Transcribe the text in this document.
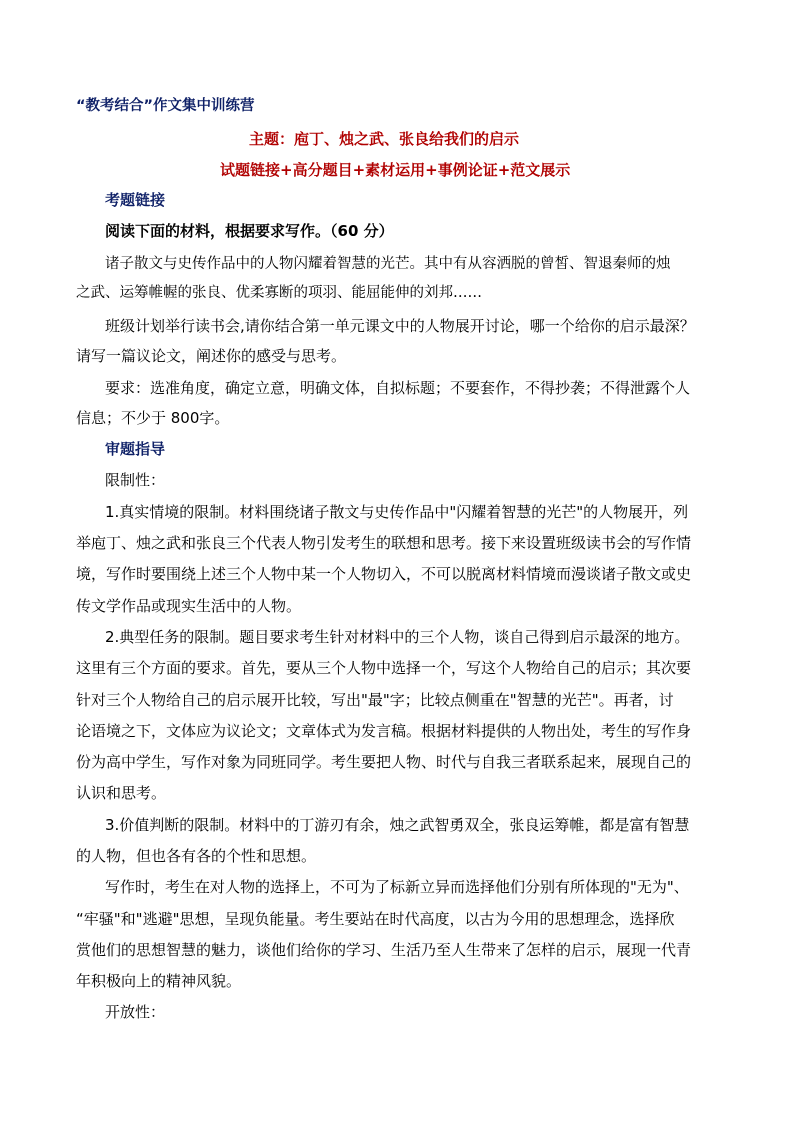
“教考结合”作文集中训练营
主题：庖丁、烛之武、张良给我们的启示
试题链接+高分题目+素材运用+事例论证+范文展示
考题链接
阅读下面的材料，根据要求写作。（60 分）
诸子散文与史传作品中的人物闪耀着智慧的光芒。其中有从容洒脱的曾皙、智退秦师的烛
之武、运筹帷幄的张良、优柔寡断的项羽、能屈能伸的刘邦……
班级计划举行读书会,请你结合第一单元课文中的人物展开讨论，哪一个给你的启示最深？
请写一篇议论文，阐述你的感受与思考。
要求：选准角度，确定立意，明确文体，自拟标题；不要套作，不得抄袭；不得泄露个人
信息；不少于 800字。
审题指导
限制性：
1.真实情境的限制。材料围绕诸子散文与史传作品中"闪耀着智慧的光芒"的人物展开，列
举庖丁、烛之武和张良三个代表人物引发考生的联想和思考。接下来设置班级读书会的写作情
境，写作时要围绕上述三个人物中某一个人物切入，不可以脱离材料情境而漫谈诸子散文或史
传文学作品或现实生活中的人物。
2.典型任务的限制。题目要求考生针对材料中的三个人物，谈自己得到启示最深的地方。
这里有三个方面的要求。首先，要从三个人物中选择一个，写这个人物给自己的启示；其次要
针对三个人物给自己的启示展开比较，写出"最"字；比较点侧重在"智慧的光芒"。再者，讨
论语境之下，文体应为议论文；文章体式为发言稿。根据材料提供的人物出处，考生的写作身
份为高中学生，写作对象为同班同学。考生要把人物、时代与自我三者联系起来，展现自己的
认识和思考。
3.价值判断的限制。材料中的丁游刃有余，烛之武智勇双全，张良运筹帷，都是富有智慧
的人物，但也各有各的个性和思想。
写作时，考生在对人物的选择上，不可为了标新立异而选择他们分别有所体现的"无为"、
“牢骚"和"逃避"思想，呈现负能量。考生要站在时代高度，以古为今用的思想理念，选择欣
赏他们的思想智慧的魅力，谈他们给你的学习、生活乃至人生带来了怎样的启示，展现一代青
年积极向上的精神风貌。
开放性：
